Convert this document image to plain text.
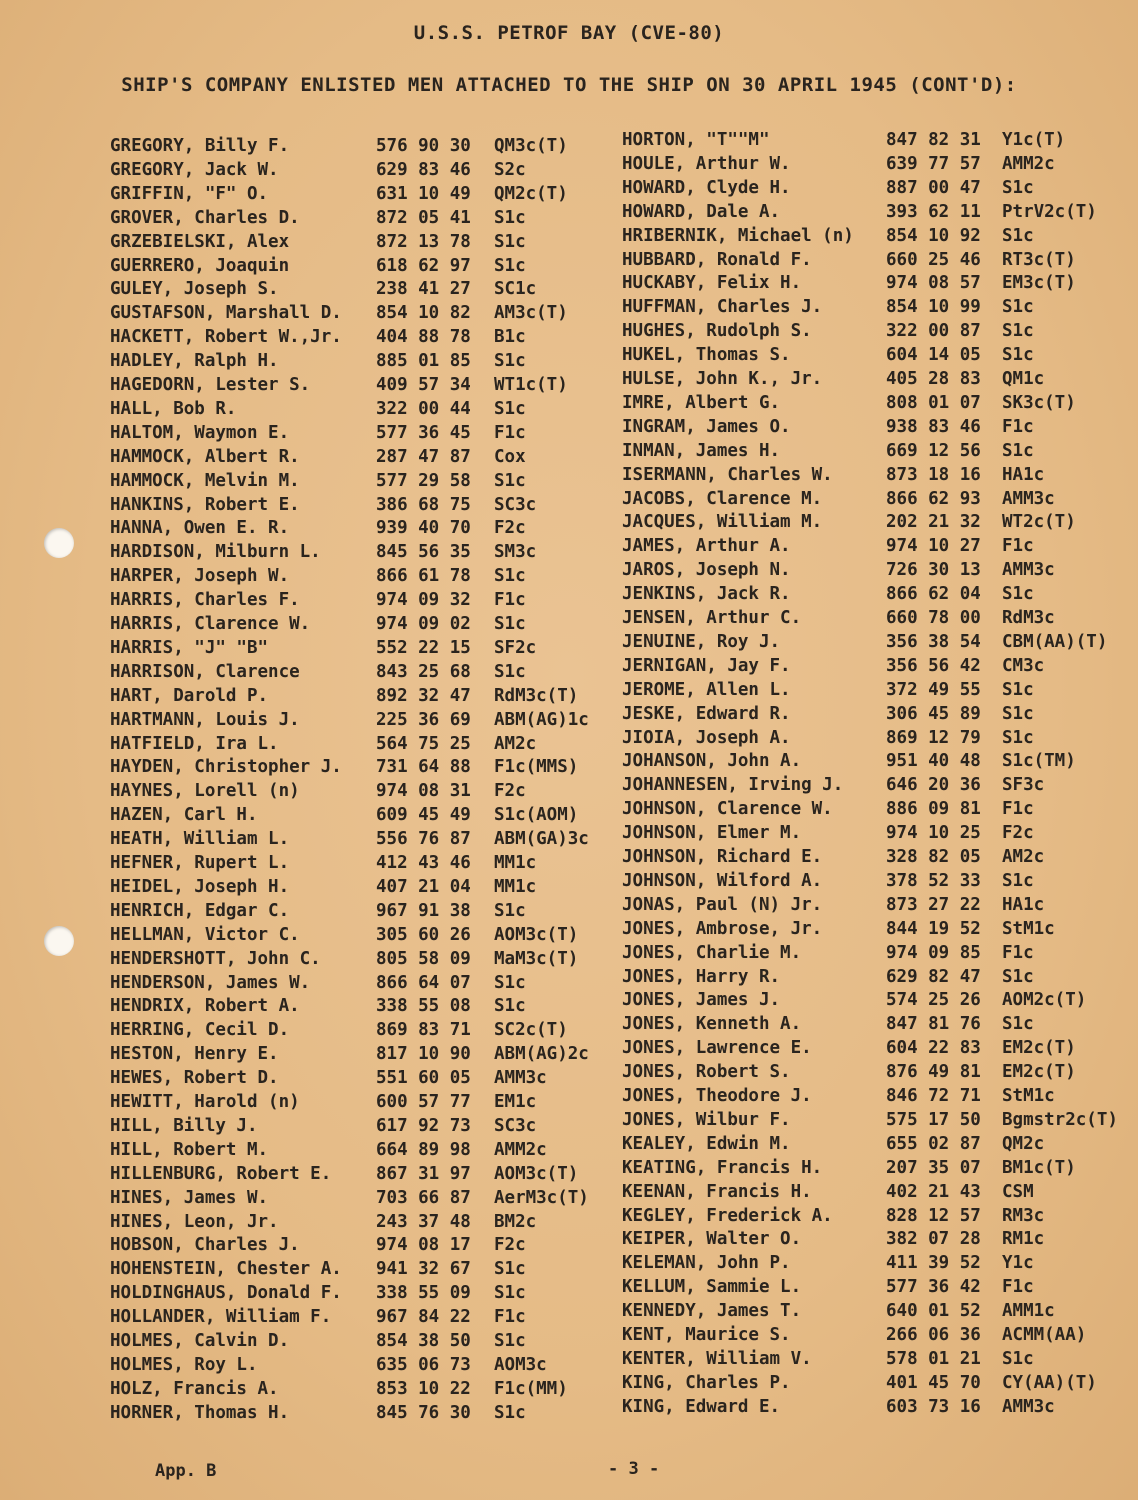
U.S.S. PETROF BAY (CVE-80)
SHIP'S COMPANY ENLISTED MEN ATTACHED TO THE SHIP ON 30 APRIL 1945 (CONT'D):
GREGORY, Billy F.	576 90 30 QM3c(T)
GREGORY, Jack W.	629 83 46 S2c
GRIFFIN, "F" O.	631 10 49 QM2c(T)
GROVER, Charles D.	872 05 41 S1c
GRZEBIELSKI, Alex	872 13 78 S1c
GUERRERO, Joaquin	618 62 97 S1c
GULEY, Joseph S.	238 41 27 SC1c
GUSTAFSON, Marshall D. 854 10 82 AM3c(T)
HACKETT, Robert W.,Jr. 404 88 78 B1c
HADLEY, Ralph H.	885 01 85 S1c
HAGEDORN, Lester S.	409 57 34 WT1c(T)
HALL, Bob R.	322 00 44 S1c
HALTOM, Waymon E.	577 36 45 F1c
HAMMOCK, Albert R.	287 47 87 Cox
HAMMOCK, Melvin M.	577 29 58 S1c
HANKINS, Robert E.	386 68 75 SC3c
HANNA, Owen E. R.	939 40 70 F2c
HARDISON, Milburn L.	845 56 35 SM3c
HARPER, Joseph W.	866 61 78 S1c
HARRIS, Charles F.	974 09 32 F1c
HARRIS, Clarence W.	974 09 02 S1c
HARRIS, "J" "B"	552 22 15 SF2c
HARRISON, Clarence	843 25 68 S1c
HART, Darold P.	892 32 47 RdM3c(T)
HARTMANN, Louis J.	225 36 69 ABM(AG)1c
HATFIELD, Ira L.	564 75 25 AM2c
HAYDEN, Christopher J. 731 64 88 F1c(MMS)
HAYNES, Lorell (n)	974 08 31 F2c
HAZEN, Carl H.	609 45 49 S1c(AOM)
HEATH, William L.	556 76 87 ABM(GA)3c
HEFNER, Rupert L.	412 43 46 MM1c
HEIDEL, Joseph H.	407 21 04 MM1c
HENRICH, Edgar C.	967 91 38 S1c
HELLMAN, Victor C.	305 60 26 AOM3c(T)
HENDERSHOTT, John C.	805 58 09 MaM3c(T)
HENDERSON, James W.	866 64 07 S1c
HENDRIX, Robert A.	338 55 08 S1c
HERRING, Cecil D.	869 83 71 SC2c(T)
HESTON, Henry E.	817 10 90 ABM(AG)2c
HEWES, Robert D.	551 60 05 AMM3c
HEWITT, Harold (n)	600 57 77 EM1c
HILL, Billy J.	617 92 73 SC3c
HILL, Robert M.	664 89 98 AMM2c
HILLENBURG, Robert E.	867 31 97 AOM3c(T)
HINES, James W.	703 66 87 AerM3c(T)
HINES, Leon, Jr.	243 37 48 BM2c
HOBSON, Charles J.	974 08 17 F2c
HOHENSTEIN, Chester A. 941 32 67 S1c
HOLDINGHAUS, Donald F. 338 55 09 S1c
HOLLANDER, William F.	967 84 22 F1c
HOLMES, Calvin D.	854 38 50 S1c
HOLMES, Roy L.	635 06 73 AOM3c
HOLZ, Francis A.	853 10 22 F1c(MM)
HORNER, Thomas H.	845 76 30 S1c
HORTON, "T""M"	847 82 31 Y1c(T)
HOULE, Arthur W.	639 77 57 AMM2c
HOWARD, Clyde H.	887 00 47 S1c
HOWARD, Dale A.	393 62 11 PtrV2c(T)
HRIBERNIK, Michael (n) 854 10 92 S1c
HUBBARD, Ronald F.	660 25 46 RT3c(T)
HUCKABY, Felix H.	974 08 57 EM3c(T)
HUFFMAN, Charles J.	854 10 99 S1c
HUGHES, Rudolph S.	322 00 87 S1c
HUKEL, Thomas S.	604 14 05 S1c
HULSE, John K., Jr.	405 28 83 QM1c
IMRE, Albert G.	808 01 07 SK3c(T)
INGRAM, James O.	938 83 46 F1c
INMAN, James H.	669 12 56 S1c
ISERMANN, Charles W.	873 18 16 HA1c
JACOBS, Clarence M.	866 62 93 AMM3c
JACQUES, William M.	202 21 32 WT2c(T)
JAMES, Arthur A.	974 10 27 F1c
JAROS, Joseph N.	726 30 13 AMM3c
JENKINS, Jack R.	866 62 04 S1c
JENSEN, Arthur C.	660 78 00 RdM3c
JENUINE, Roy J.	356 38 54 CBM(AA)(T)
JERNIGAN, Jay F.	356 56 42 CM3c
JEROME, Allen L.	372 49 55 S1c
JESKE, Edward R.	306 45 89 S1c
JIOIA, Joseph A.	869 12 79 S1c
JOHANSON, John A.	951 40 48 S1c(TM)
JOHANNESEN, Irving J. 646 20 36 SF3c
JOHNSON, Clarence W.	886 09 81 F1c
JOHNSON, Elmer M.	974 10 25 F2c
JOHNSON, Richard E.	328 82 05 AM2c
JOHNSON, Wilford A.	378 52 33 S1c
JONAS, Paul (N) Jr.	873 27 22 HA1c
JONES, Ambrose, Jr.	844 19 52 StM1c
JONES, Charlie M.	974 09 85 F1c
JONES, Harry R.	629 82 47 S1c
JONES, James J.	574 25 26 AOM2c(T)
JONES, Kenneth A.	847 81 76 S1c
JONES, Lawrence E.	604 22 83 EM2c(T)
JONES, Robert S.	876 49 81 EM2c(T)
JONES, Theodore J.	846 72 71 StM1c
JONES, Wilbur F.	575 17 50 Bgmstr2c(T)
KEALEY, Edwin M.	655 02 87 QM2c
KEATING, Francis H.	207 35 07 BM1c(T)
KEENAN, Francis H.	402 21 43 CSM
KEGLEY, Frederick A.	828 12 57 RM3c
KEIPER, Walter O.	382 07 28 RM1c
KELEMAN, John P.	411 39 52 Y1c
KELLUM, Sammie L.	577 36 42 F1c
KENNEDY, James T.	640 01 52 AMM1c
KENT, Maurice S.	266 06 36 ACMM(AA)
KENTER, William V.	578 01 21 S1c
KING, Charles P.	401 45 70 CY(AA)(T)
KING, Edward E.	603 73 16 AMM3c
App. B	- 3 -
